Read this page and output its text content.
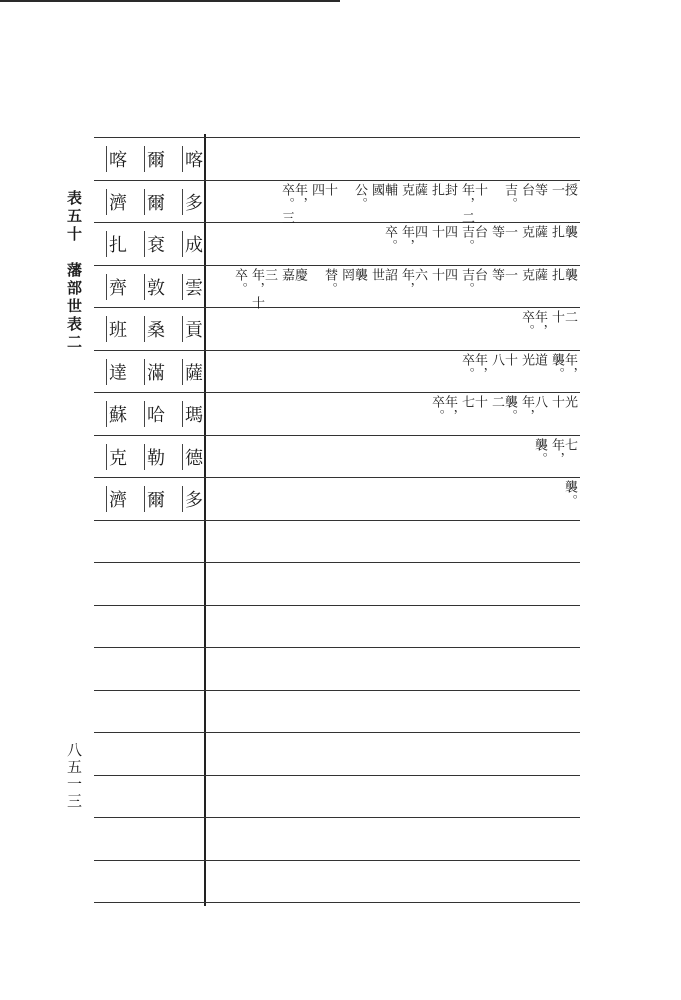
表五十　藩部世表二
八五一三
喀 爾 喀
濟 爾 多
授
一
等
台
吉。
十
年，二
封
扎
薩
克
輔
國
公。
十
四
年，
卒。三
扎 袞 成
襲
扎
薩
克
一
等
台
吉。
四
十
四
年，
卒。
齊 敦 雲
襲
扎
薩
克
一
等
台
吉。
四
十
六
年，
詔
世
襲
罔
替。
慶
嘉
三
年，十
卒。
班 桑 貢
二
十
年，
卒。
達 滿 薩	年，
襲。
道
光
十
八
年，
卒。
蘇 哈 瑪
光
十
八
年，
襲。
二
十
七
年，
卒。
克 勒 德
七
年，
襲。
濟 爾 多	襲。
